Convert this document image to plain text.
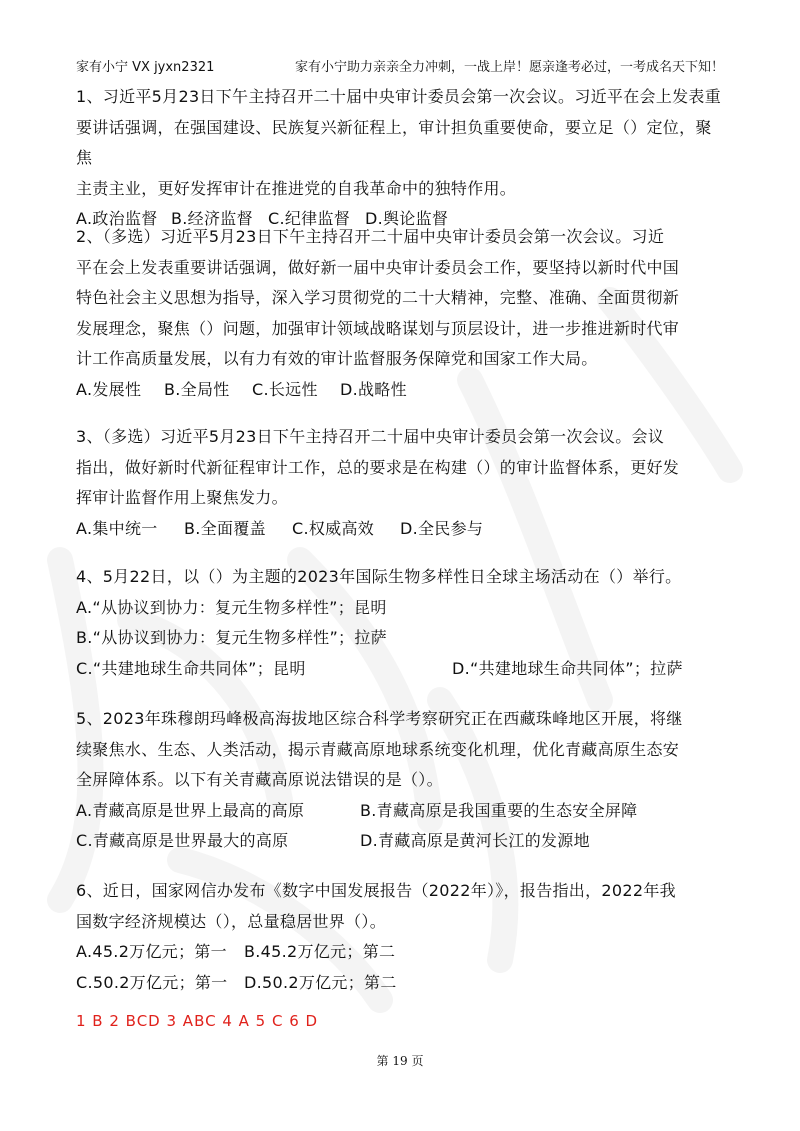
家有小宁 VX jyxn2321	家有小宁助力亲亲全力冲刺，一战上岸！愿亲逢考必过，一考成名天下知！
1、习近平5月23日下午主持召开二十届中央审计委员会第一次会议。习近平在会上发表重
要讲话强调，在强国建设、民族复兴新征程上，审计担负重要使命，要立足（）定位，聚焦
主责主业，更好发挥审计在推进党的自我革命中的独特作用。
A.政治监督 B.经济监督 C.纪律监督 D.舆论监督
2、（多选）习近平5月23日下午主持召开二十届中央审计委员会第一次会议。习近
平在会上发表重要讲话强调，做好新一届中央审计委员会工作，要坚持以新时代中国
特色社会主义思想为指导，深入学习贯彻党的二十大精神，完整、准确、全面贯彻新
发展理念，聚焦（）问题，加强审计领域战略谋划与顶层设计，进一步推进新时代审
计工作高质量发展，以有力有效的审计监督服务保障党和国家工作大局。
A.发展性	B.全局性	C.长远性	D.战略性
3、（多选）习近平5月23日下午主持召开二十届中央审计委员会第一次会议。会议
指出，做好新时代新征程审计工作，总的要求是在构建（）的审计监督体系，更好发
挥审计监督作用上聚焦发力。
A.集中统一	B.全面覆盖	C.权威高效	D.全民参与
4、5月22日，以（）为主题的2023年国际生物多样性日全球主场活动在（）举行。
A.“从协议到协力：复元生物多样性”；昆明
B.“从协议到协力：复元生物多样性”；拉萨
C.“共建地球生命共同体”；昆明	D.“共建地球生命共同体”；拉萨
5、2023年珠穆朗玛峰极高海拔地区综合科学考察研究正在西藏珠峰地区开展，将继
续聚焦水、生态、人类活动，揭示青藏高原地球系统变化机理，优化青藏高原生态安
全屏障体系。以下有关青藏高原说法错误的是（）。
A.青藏高原是世界上最高的高原	B.青藏高原是我国重要的生态安全屏障
C.青藏高原是世界最大的高原	D.青藏高原是黄河长江的发源地
6、近日，国家网信办发布《数字中国发展报告（2022年）》，报告指出，2022年我
国数字经济规模达（），总量稳居世界（）。
A.45.2万亿元；第一	B.45.2万亿元；第二
C.50.2万亿元；第一	D.50.2万亿元；第二
1 B 2 BCD 3 ABC 4 A 5 C 6 D
第 19 页
